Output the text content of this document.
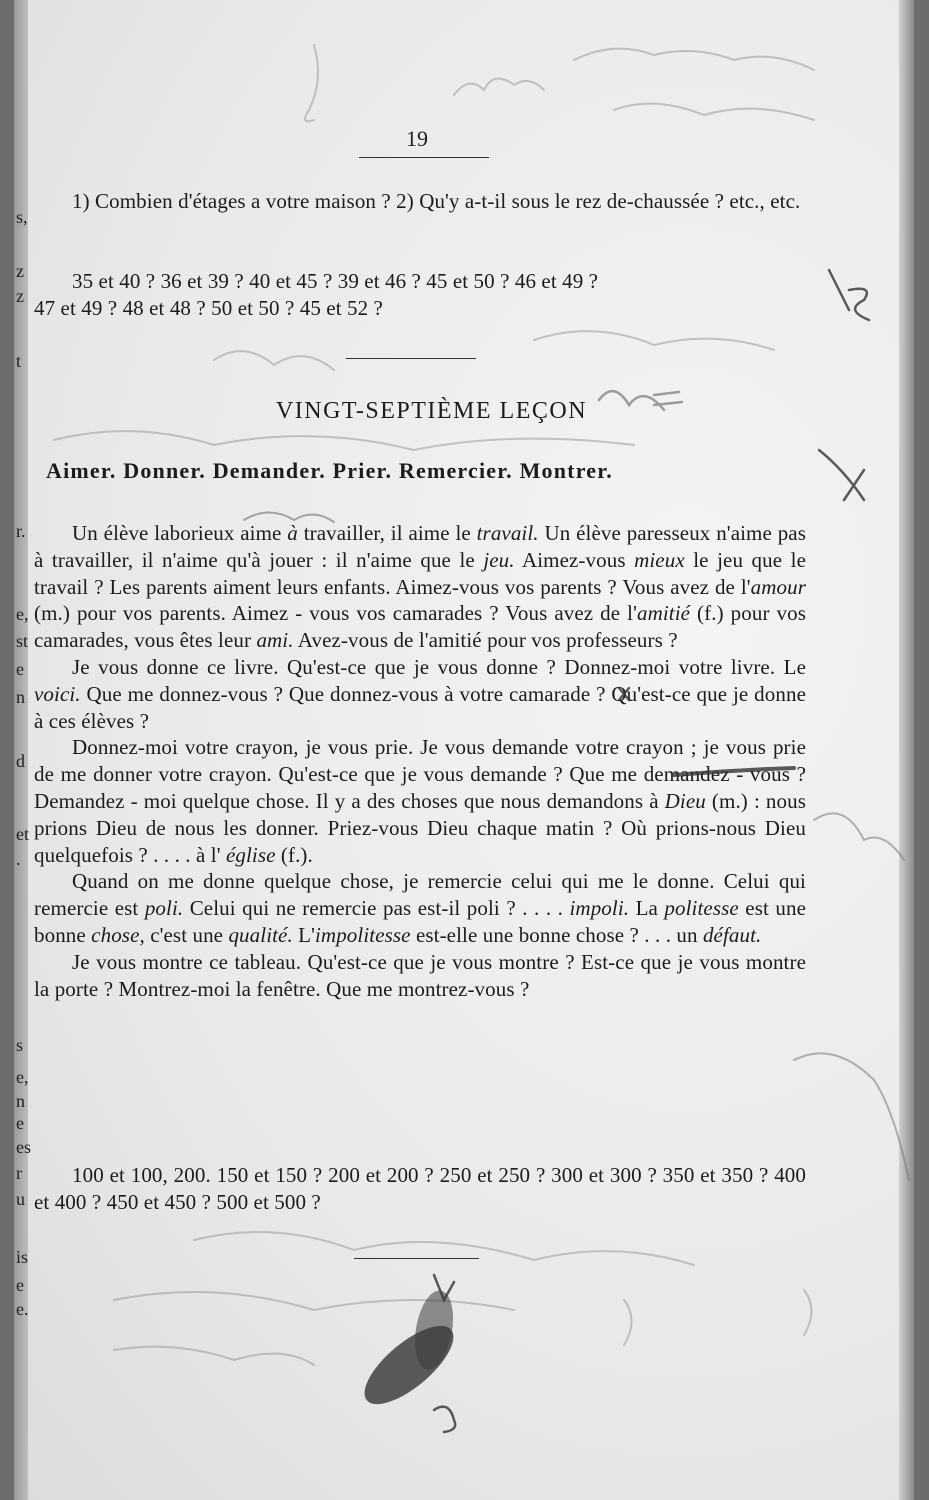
s,
z
z
t
r.
e,
st
e
n
d
et
.
s
e,
n
e
es
r
u
is
e
e.
19
1) Combien d'étages a votre maison ? 2) Qu'y a-t-il sous le rez de-chaussée ? etc., etc.
35 et 40 ? 36 et 39 ? 40 et 45 ? 39 et 46 ? 45 et 50 ? 46 et 49 ?
47 et 49 ? 48 et 48 ? 50 et 50 ? 45 et 52 ?
VINGT-SEPTIÈME LEÇON
Aimer. Donner. Demander. Prier. Remercier. Montrer.

Un élève laborieux aime à travailler, il aime le travail. Un élève paresseux n'aime pas à travailler, il n'aime qu'à jouer : il n'aime que le jeu. Aimez-vous mieux le jeu que le travail ? Les parents aiment leurs enfants. Aimez-vous vos parents ? Vous avez de l'amour (m.) pour vos parents. Aimez - vous vos camarades ? Vous avez de l'amitié (f.) pour vos camarades, vous êtes leur ami. Avez-vous de l'amitié pour vos professeurs ?

Je vous donne ce livre. Qu'est-ce que je vous donne ? Donnez-moi votre livre. Le voici. Que me donnez-vous ? Que donnez-vous à votre camarade ? Qu'est-ce que je donne à ces élèves ?

Donnez-moi votre crayon, je vous prie. Je vous demande votre crayon ; je vous prie de me donner votre crayon. Qu'est-ce que je vous demande ? Que me demandez - vous ? Demandez - moi quelque chose. Il y a des choses que nous demandons à Dieu (m.) : nous prions Dieu de nous les donner. Priez-vous Dieu chaque matin ? Où prions-nous Dieu quelquefois ? . . . . à l' église (f.).

Quand on me donne quelque chose, je remercie celui qui me le donne. Celui qui remercie est poli. Celui qui ne remercie pas est-il poli ? . . . . impoli. La politesse est une bonne chose, c'est une qualité. L'impolitesse est-elle une bonne chose ? . . . un défaut.

Je vous montre ce tableau. Qu'est-ce que je vous montre ? Est-ce que je vous montre la porte ? Montrez-moi la fenêtre. Que me montrez-vous ?

100 et 100, 200. 150 et 150 ? 200 et 200 ? 250 et 250 ? 300 et 300 ? 350 et 350 ? 400 et 400 ? 450 et 450 ? 500 et 500 ?
